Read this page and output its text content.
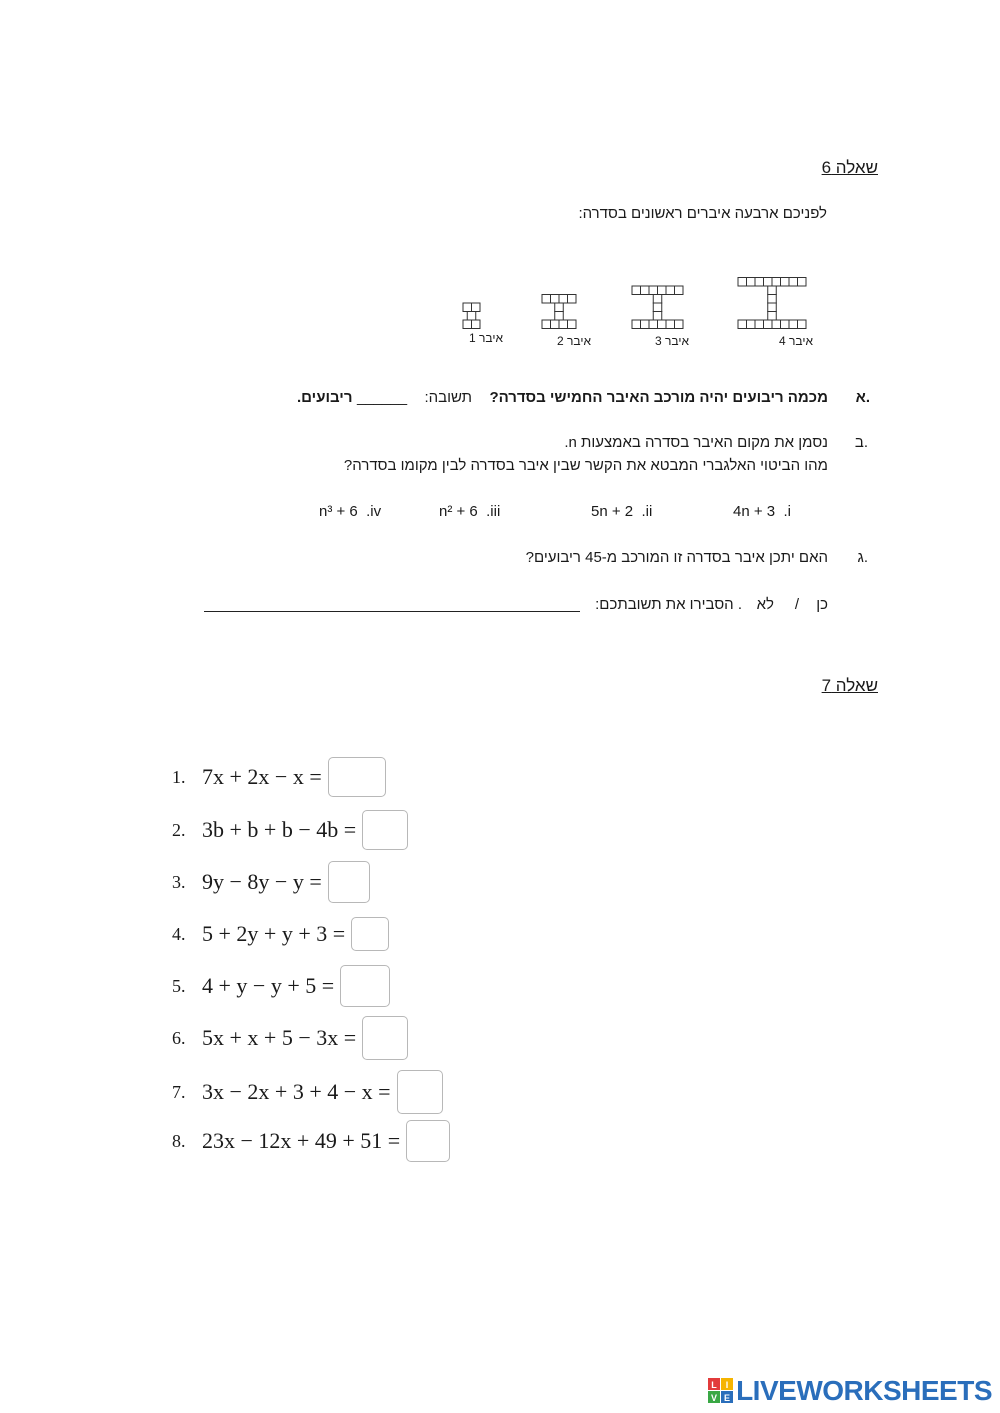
שאלה 6
לפניכם ארבעה איברים ראשונים בסדרה:
איבר 1	איבר 2	איבר 3	איבר 4
א.
מכמה ריבועים יהיה מורכב האיבר החמישי בסדרה?
תשובה:
______
ריבועים.
ב.
נסמן את מקום האיבר בסדרה באמצעות n.
מהו הביטוי האלגברי המבטא את הקשר שבין איבר בסדרה לבין מקומו בסדרה?
4n + 3 .i
5n + 2 .ii
n² + 6 .iii
n³ + 6 .iv
ג.
האם יתכן איבר בסדרה זו המורכב מ-45 ריבועים?
כן
/
לא
. הסבירו את תשובתכם:
שאלה 7
1. 7x + 2x − x =
2. 3b + b + b − 4b =
3. 9y − 8y − y =
4. 5 + 2y + y + 3 =
5. 4 + y − y + 5 =
6. 5x + x + 5 − 3x =
7. 3x − 2x + 3 + 4 − x =
8. 23x − 12x + 49 + 51 =
L I
V E LIVEWORKSHEETS
